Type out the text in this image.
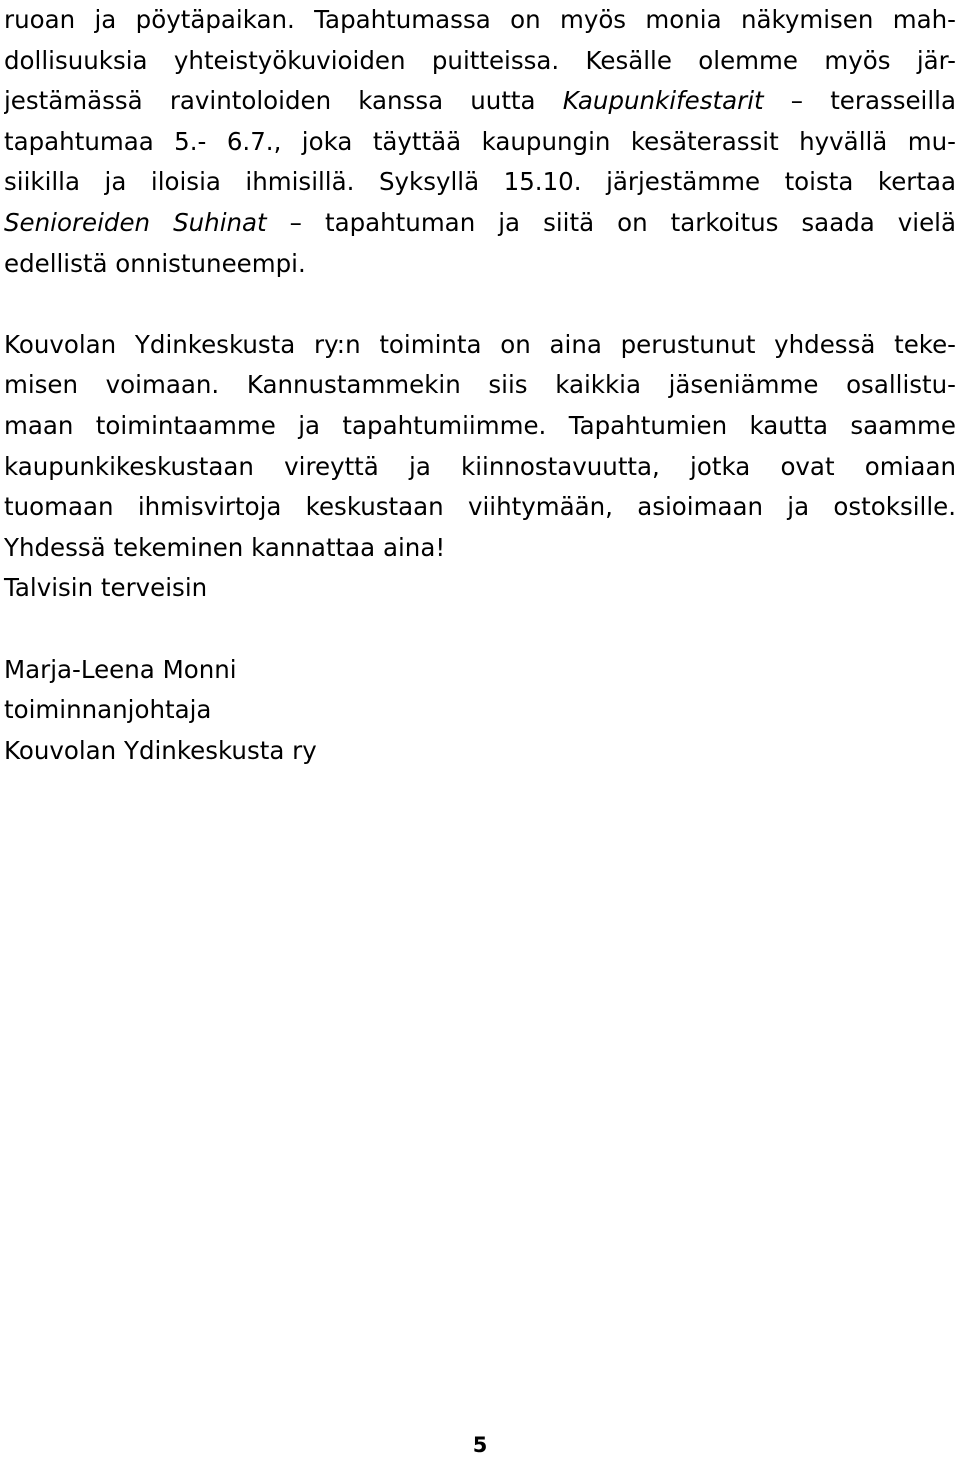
ruoan ja pöytäpaikan. Tapahtumassa on myös monia näkymisen mah-
dollisuuksia yhteistyökuvioiden puitteissa. Kesälle olemme myös jär-
jestämässä ravintoloiden kanssa uutta Kaupunkifestarit – terasseilla
tapahtumaa 5.- 6.7., joka täyttää kaupungin kesäterassit hyvällä mu-
siikilla ja iloisia ihmisillä. Syksyllä 15.10. järjestämme toista kertaa
Senioreiden Suhinat – tapahtuman ja siitä on tarkoitus saada vielä
edellistä onnistuneempi.
Kouvolan Ydinkeskusta ry:n toiminta on aina perustunut yhdessä teke-
misen voimaan. Kannustammekin siis kaikkia jäseniämme osallistu-
maan toimintaamme ja tapahtumiimme. Tapahtumien kautta saamme
kaupunkikeskustaan vireyttä ja kiinnostavuutta, jotka ovat omiaan
tuomaan ihmisvirtoja keskustaan viihtymään, asioimaan ja ostoksille.
Yhdessä tekeminen kannattaa aina!
Talvisin terveisin
Marja-Leena Monni
toiminnanjohtaja
Kouvolan Ydinkeskusta ry
5
